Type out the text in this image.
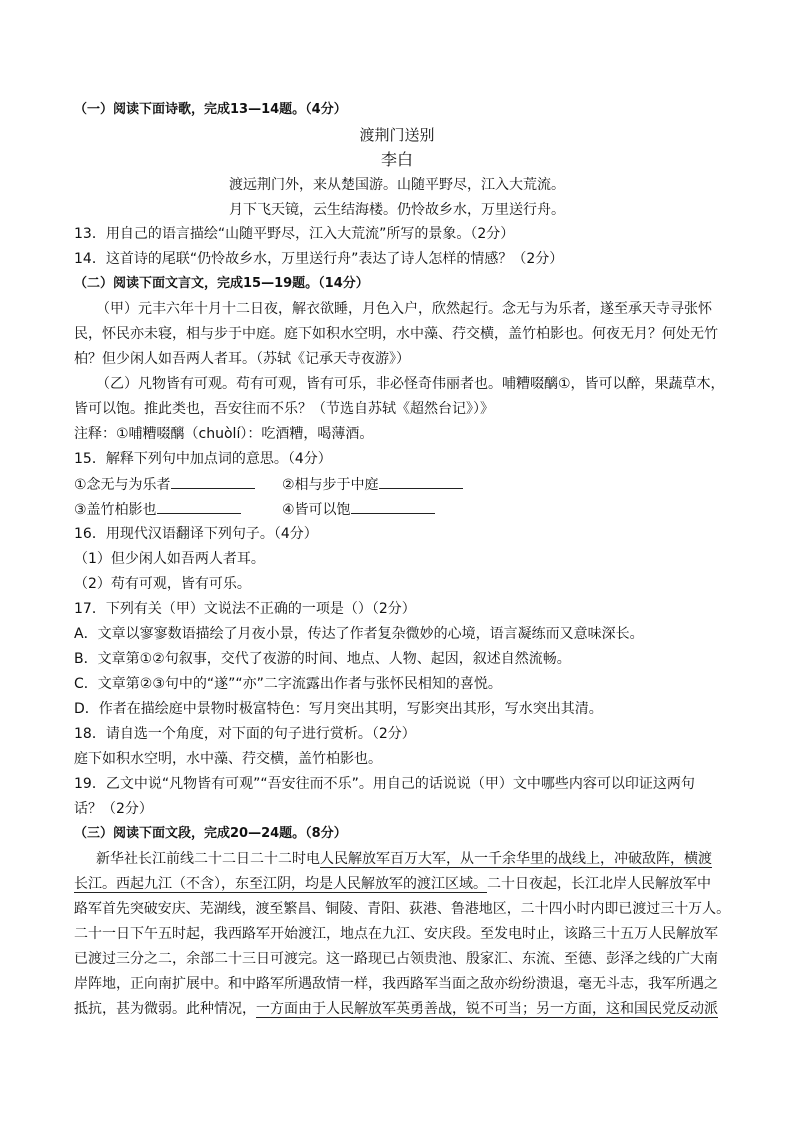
（一）阅读下面诗歌，完成13—14题。（4分）
渡荆门送别
李白
渡远荆门外，来从楚国游。山随平野尽，江入大荒流。
月下飞天镜，云生结海楼。仍怜故乡水，万里送行舟。
13．用自己的语言描绘“山随平野尽，江入大荒流”所写的景象。（2分）
14．这首诗的尾联“仍怜故乡水，万里送行舟”表达了诗人怎样的情感？（2分）
（二）阅读下面文言文，完成15—19题。（14分）
（甲）元丰六年十月十二日夜，解衣欲睡，月色入户，欣然起行。念无与为乐者，遂至承天寺寻张怀
民，怀民亦未寝，相与步于中庭。庭下如积水空明，水中藻、荇交横，盖竹柏影也。何夜无月？何处无竹
柏？但少闲人如吾两人者耳。（苏轼《记承天寺夜游》）
（乙）凡物皆有可观。苟有可观，皆有可乐，非必怪奇伟丽者也。哺糟啜醨①，皆可以醉，果蔬草木，
皆可以饱。推此类也，吾安往而不乐？（节选自苏轼《超然台记》）》
注释：①哺糟啜醨（chuòlí）：吃酒糟，喝薄酒。
15．解释下列句中加点词的意思。（4分）
①念无与为乐者	②相与步于中庭
③盖竹柏影也	④皆可以饱
16．用现代汉语翻译下列句子。（4分）
（1）但少闲人如吾两人者耳。
（2）苟有可观，皆有可乐。
17．下列有关（甲）文说法不正确的一项是（）（2分）
A．文章以寥寥数语描绘了月夜小景，传达了作者复杂微妙的心境，语言凝练而又意味深长。
B．文章第①②句叙事，交代了夜游的时间、地点、人物、起因，叙述自然流畅。
C．文章第②③句中的“遂”“亦”二字流露出作者与张怀民相知的喜悦。
D．作者在描绘庭中景物时极富特色：写月突出其明，写影突出其形，写水突出其清。
18．请自选一个角度，对下面的句子进行赏析。（2分）
庭下如积水空明，水中藻、荇交横，盖竹柏影也。
19．乙文中说“凡物皆有可观”“吾安往而不乐”。用自己的话说说（甲）文中哪些内容可以印证这两句
话？（2分）
（三）阅读下面文段，完成20—24题。（8分）
新华社长江前线二十二日二十二时电人民解放军百万大军，从一千余华里的战线上，冲破敌阵，横渡
长江。西起九江（不含），东至江阴，均是人民解放军的渡江区域。二十日夜起，长江北岸人民解放军中
路军首先突破安庆、芜湖线，渡至繁昌、铜陵、青阳、荻港、鲁港地区，二十四小时内即已渡过三十万人。
二十一日下午五时起，我西路军开始渡江，地点在九江、安庆段。至发电时止，该路三十五万人民解放军
已渡过三分之二，余部二十三日可渡完。这一路现已占领贵池、殷家汇、东流、至德、彭泽之线的广大南
岸阵地，正向南扩展中。和中路军所遇敌情一样，我西路军当面之敌亦纷纷溃退，毫无斗志，我军所遇之
抵抗，甚为微弱。此种情况，一方面由于人民解放军英勇善战，锐不可当；另一方面，这和国民党反动派
